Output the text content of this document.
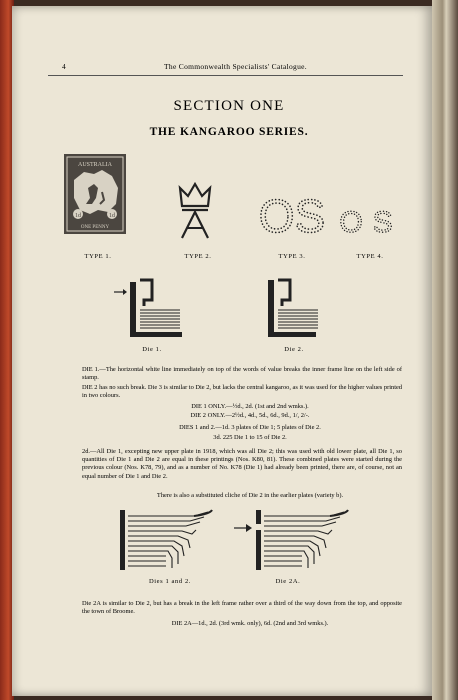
4	The Commonwealth Specialists' Catalogue.
SECTION ONE
THE KANGAROO SERIES.
AUSTRALIA
ONE PENNY
1d	1d	OS OS
TYPE 1.	TYPE 2.	TYPE 3.	TYPE 4.
Die 1.	Die 2.
DIE 1.—The horizontal white line immediately on top of the words of value breaks the inner frame line on the left side of stamp.
DIE 2 has no such break. Die 3 is similar to Die 2, but lacks the central kangaroo, as it was used for the higher values printed in two colours.
DIE 1 ONLY.—½d., 2d. (1st and 2nd wmks.).
DIE 2 ONLY.—2½d., 4d., 5d., 6d., 9d., 1/, 2/-.
DIES 1 and 2.—1d. 3 plates of Die 1; 5 plates of Die 2.
3d. 225 Die 1 to 15 of Die 2.
2d.—All Die 1, excepting new upper plate in 1918, which was all Die 2; this was used with old lower plate, all Die 1, so quantities of Die 1 and Die 2 are equal in these printings (Nos. K80, 81). These combined plates were started during the previous colour (Nos. K78, 79), and as a number of No. K78 (Die 1) had already been printed, there are, of course, not an equal number of Die 1 and Die 2.
There is also a substituted cliche of Die 2 in the earlier plates (variety b).
Dies 1 and 2.	Die 2A.
Die 2A is similar to Die 2, but has a break in the left frame rather over a third of the way down from the top, and opposite the town of Broome.
DIE 2A—1d., 2d. (3rd wmk. only), 6d. (2nd and 3rd wmks.).
